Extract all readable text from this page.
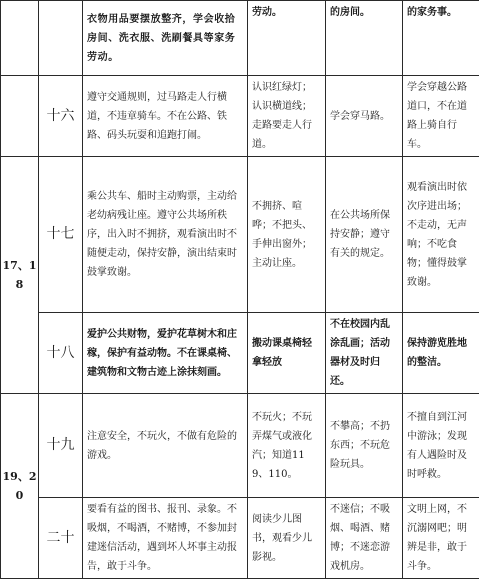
		衣物用品要摆放整齐，学会收拾房间、洗衣服、洗刷餐具等家务劳动。	劳动。	的房间。	的家务事。
	十六	遵守交通规则，过马路走人行横道，不违章骑车。不在公路、铁路、码头玩耍和追跑打闹。	认识红绿灯；认识横道线；走路要走人行道。	学会穿马路。	学会穿越公路道口，不在道路上骑自行车。
17、18	十七	乘公共车、船时主动购票，主动给老幼病残让座。遵守公共场所秩序，出入时不拥挤，观看演出时不随便走动，保持安静，演出结束时鼓掌致谢。	不拥挤、喧哗；不把头、手伸出窗外；主动让座。	在公共场所保持安静；遵守有关的规定。	观看演出时依次序进出场；不走动，无声响；不吃食物；懂得鼓掌致谢。
	十八	爱护公共财物，爱护花草树木和庄稼，保护有益动物。不在课桌椅、建筑物和文物古迹上涂抹刻画。	搬动课桌椅轻拿轻放	不在校园内乱涂乱画；活动器材及时归还。	保持游览胜地的整洁。
19、20	十九	注意安全，不玩火，不做有危险的游戏。	不玩火；不玩弄煤气或液化汽；知道119、110。	不攀高；不扔东西；不玩危险玩具。	不擅自到江河中游泳；发现有人遇险时及时呼救。
	二十	要看有益的图书、报刊、录象。不吸烟，不喝酒，不赌博，不参加封建迷信活动，遇到坏人坏事主动报告，敢于斗争。	阅读少儿图书，观看少儿影视。	不迷信；不吸烟、喝酒、赌博；不迷恋游戏机房。	文明上网，不沉溺网吧；明辨是非，敢于斗争。
